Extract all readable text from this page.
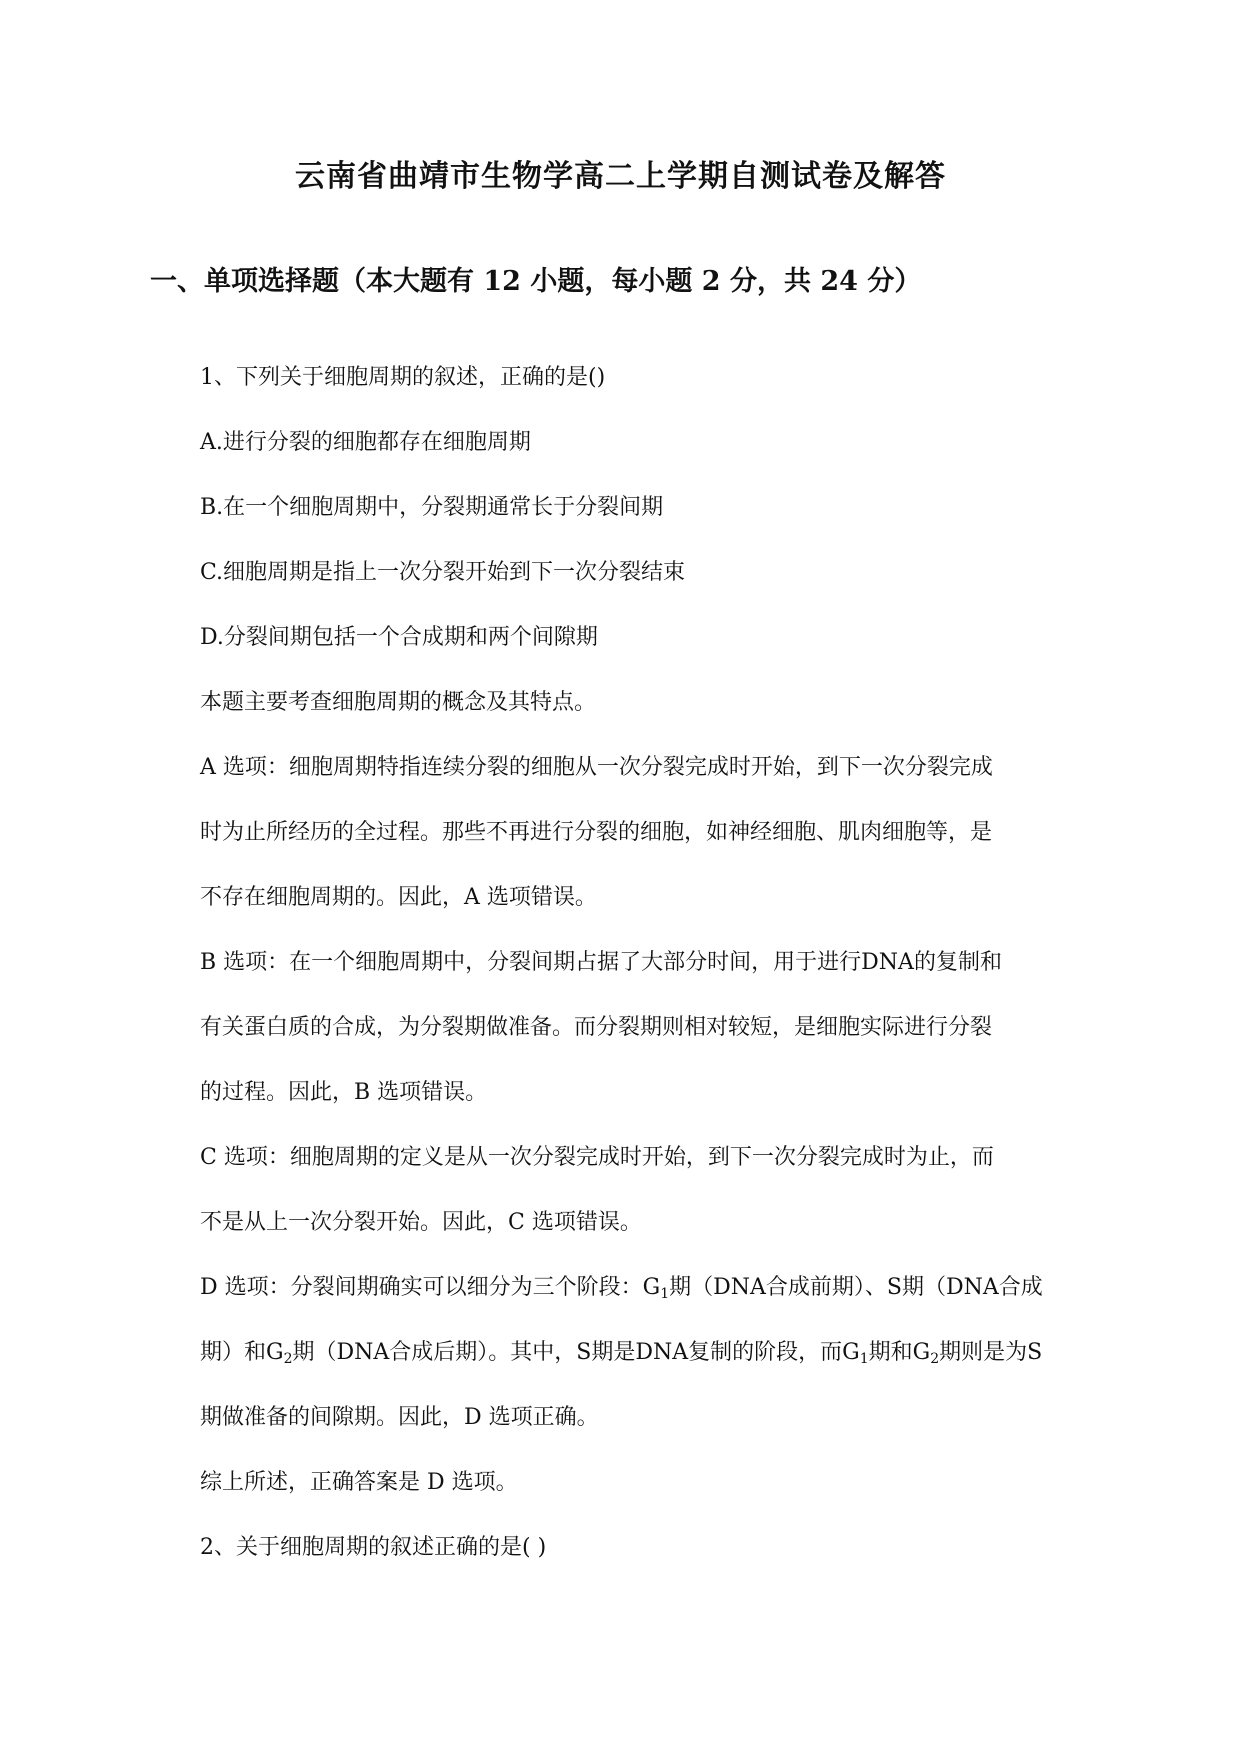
云南省曲靖市生物学高二上学期自测试卷及解答
一、单项选择题（本大题有 12 小题，每小题 2 分，共 24 分）
1、下列关于细胞周期的叙述，正确的是()
A.进行分裂的细胞都存在细胞周期
B.在一个细胞周期中，分裂期通常长于分裂间期
C.细胞周期是指上一次分裂开始到下一次分裂结束
D.分裂间期包括一个合成期和两个间隙期
本题主要考查细胞周期的概念及其特点。
A 选项：细胞周期特指连续分裂的细胞从一次分裂完成时开始，到下一次分裂完成
时为止所经历的全过程。那些不再进行分裂的细胞，如神经细胞、肌肉细胞等，是
不存在细胞周期的。因此，A 选项错误。
B 选项：在一个细胞周期中，分裂间期占据了大部分时间，用于进行DNA的复制和
有关蛋白质的合成，为分裂期做准备。而分裂期则相对较短，是细胞实际进行分裂
的过程。因此，B 选项错误。
C 选项：细胞周期的定义是从一次分裂完成时开始，到下一次分裂完成时为止，而
不是从上一次分裂开始。因此，C 选项错误。
D 选项：分裂间期确实可以细分为三个阶段：$G_1$期（DNA合成前期）、S期（DNA合成
期）和$G_2$期（DNA合成后期）。其中，S期是DNA复制的阶段，而$G_1$期和$G_2$期则是为S
期做准备的间隙期。因此，D 选项正确。
综上所述，正确答案是 D 选项。
2、关于细胞周期的叙述正确的是( )
